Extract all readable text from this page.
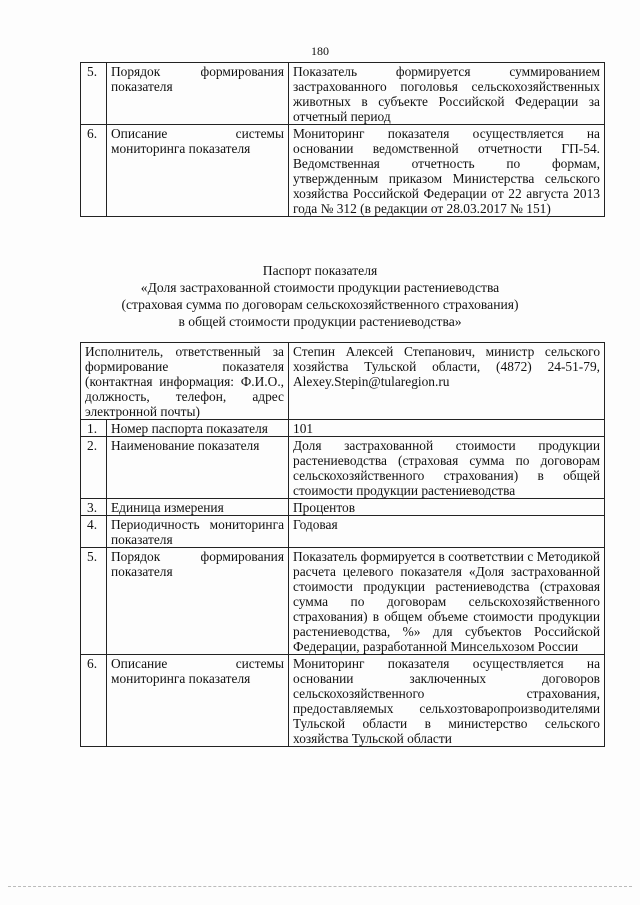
180
5.	Порядок формирования показателя	Показатель формируется суммированием застрахованного поголовья сельскохозяйственных животных в субъекте Российской Федерации за отчетный период
6.	Описание системы мониторинга показателя	Мониторинг показателя осуществляется на основании ведомственной отчетности ГП-54. Ведомственная отчетность по формам, утвержденным приказом Министерства сельского хозяйства Российской Федерации от 22 августа 2013 года № 312 (в редакции от 28.03.2017 № 151)
Паспорт показателя
«Доля застрахованной стоимости продукции растениеводства
(страховая сумма по договорам сельскохозяйственного страхования)
в общей стоимости продукции растениеводства»
Исполнитель, ответственный за формирование показателя (контактная информация: Ф.И.О., должность, телефон, адрес электронной почты)		Степин Алексей Степанович, министр сельского хозяйства Тульской области, (4872) 24-51-79, Alexey.Stepin@tularegion.ru
1.	Номер паспорта показателя	101
2.	Наименование показателя	Доля застрахованной стоимости продукции растениеводства (страховая сумма по договорам сельскохозяйственного страхования) в общей стоимости продукции растениеводства
3.	Единица измерения	Процентов
4.	Периодичность мониторинга показателя	Годовая
5.	Порядок формирования показателя	Показатель формируется в соответствии с Методикой расчета целевого показателя «Доля застрахованной стоимости продукции растениеводства (страховая сумма по договорам сельскохозяйственного страхования) в общем объеме стоимости продукции растениеводства, %» для субъектов Российской Федерации, разработанной Минсельхозом России
6.	Описание системы мониторинга показателя	Мониторинг показателя осуществляется на основании заключенных договоров сельскохозяйственного страхования, предоставляемых сельхозтоваропроизводителями Тульской области в министерство сельского хозяйства Тульской области
